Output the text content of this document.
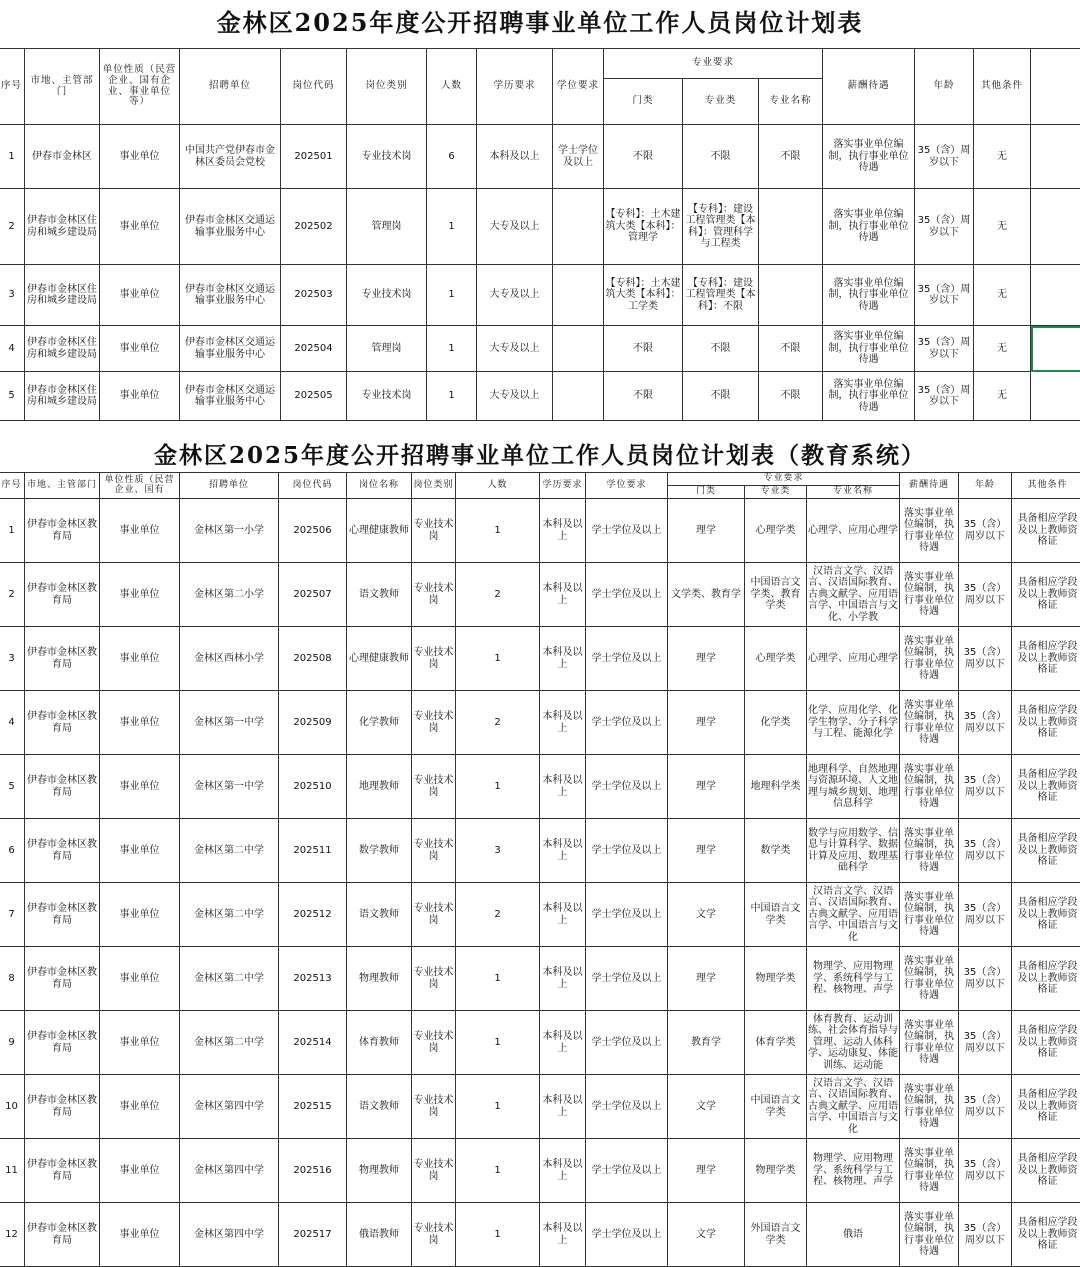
金林区2025年度公开招聘事业单位工作人员岗位计划表
序号	市地、主管部门	单位性质（民营企业、国有企业、事业单位等）	招聘单位	岗位代码	岗位类别	人数	学历要求	学位要求	专业要求			薪酬待遇	年龄	其他条件	
									门类	专业类	专业名称				
1	伊春市金林区	事业单位	中国共产党伊春市金林区委员会党校	202501	专业技术岗	6	本科及以上	学士学位及以上	不限	不限	不限	落实事业单位编制，执行事业单位待遇	35（含）周岁以下	无	
2	伊春市金林区住房和城乡建设局	事业单位	伊春市金林区交通运输事业服务中心	202502	管理岗	1	大专及以上		【专科】：土木建筑大类【本科】：管理学	【专科】：建设工程管理类【本科】：管理科学与工程类		落实事业单位编制，执行事业单位待遇	35（含）周岁以下	无	
3	伊春市金林区住房和城乡建设局	事业单位	伊春市金林区交通运输事业服务中心	202503	专业技术岗	1	大专及以上		【专科】：土木建筑大类【本科】：工学类	【专科】：建设工程管理类【本科】：不限		落实事业单位编制，执行事业单位待遇	35（含）周岁以下	无	
4	伊春市金林区住房和城乡建设局	事业单位	伊春市金林区交通运输事业服务中心	202504	管理岗	1	大专及以上		不限	不限	不限	落实事业单位编制，执行事业单位待遇	35（含）周岁以下	无	
5	伊春市金林区住房和城乡建设局	事业单位	伊春市金林区交通运输事业服务中心	202505	专业技术岗	1	大专及以上		不限	不限	不限	落实事业单位编制，执行事业单位待遇	35（含）周岁以下	无	
金林区2025年度公开招聘事业单位工作人员岗位计划表（教育系统）
序号	市地、主管部门	单位性质（民营企业、国有	招聘单位	岗位代码	岗位名称	岗位类别	人数	学历要求	学位要求	专业要求			薪酬待遇	年龄	其他条件
										门类	专业类	专业名称			
1	伊春市金林区教育局	事业单位	金林区第一小学	202506	心理健康教师	专业技术岗	1	本科及以上	学士学位及以上	理学	心理学类	心理学、应用心理学	落实事业单位编制，执行事业单位待遇	35（含）周岁以下	具备相应学段及以上教师资格证
2	伊春市金林区教育局	事业单位	金林区第二小学	202507	语文教师	专业技术岗	2	本科及以上	学士学位及以上	文学类、教育学	中国语言文学类、教育学类	汉语言文学、汉语言、汉语国际教育、古典文献学、应用语言学、中国语言与文化、小学教	落实事业单位编制，执行事业单位待遇	35（含）周岁以下	具备相应学段及以上教师资格证
3	伊春市金林区教育局	事业单位	金林区西林小学	202508	心理健康教师	专业技术岗	1	本科及以上	学士学位及以上	理学	心理学类	心理学、应用心理学	落实事业单位编制，执行事业单位待遇	35（含）周岁以下	具备相应学段及以上教师资格证
4	伊春市金林区教育局	事业单位	金林区第一中学	202509	化学教师	专业技术岗	2	本科及以上	学士学位及以上	理学	化学类	化学、应用化学、化学生物学、分子科学与工程、能源化学	落实事业单位编制，执行事业单位待遇	35（含）周岁以下	具备相应学段及以上教师资格证
5	伊春市金林区教育局	事业单位	金林区第一中学	202510	地理教师	专业技术岗	1	本科及以上	学士学位及以上	理学	地理科学类	地理科学、自然地理与资源环境、人文地理与城乡规划、地理信息科学	落实事业单位编制，执行事业单位待遇	35（含）周岁以下	具备相应学段及以上教师资格证
6	伊春市金林区教育局	事业单位	金林区第二中学	202511	数学教师	专业技术岗	3	本科及以上	学士学位及以上	理学	数学类	数学与应用数学、信息与计算科学、数据计算及应用、数理基础科学	落实事业单位编制，执行事业单位待遇	35（含）周岁以下	具备相应学段及以上教师资格证
7	伊春市金林区教育局	事业单位	金林区第二中学	202512	语文教师	专业技术岗	2	本科及以上	学士学位及以上	文学	中国语言文学类	汉语言文学、汉语言、汉语国际教育、古典文献学、应用语言学、中国语言与文化	落实事业单位编制，执行事业单位待遇	35（含）周岁以下	具备相应学段及以上教师资格证
8	伊春市金林区教育局	事业单位	金林区第二中学	202513	物理教师	专业技术岗	1	本科及以上	学士学位及以上	理学	物理学类	物理学、应用物理学、系统科学与工程、核物理、声学	落实事业单位编制，执行事业单位待遇	35（含）周岁以下	具备相应学段及以上教师资格证
9	伊春市金林区教育局	事业单位	金林区第二中学	202514	体育教师	专业技术岗	1	本科及以上	学士学位及以上	教育学	体育学类	体育教育、运动训练、社会体育指导与管理、运动人体科学、运动康复、体能训练、运动能	落实事业单位编制，执行事业单位待遇	35（含）周岁以下	具备相应学段及以上教师资格证
10	伊春市金林区教育局	事业单位	金林区第四中学	202515	语文教师	专业技术岗	1	本科及以上	学士学位及以上	文学	中国语言文学类	汉语言文学、汉语言、汉语国际教育、古典文献学、应用语言学、中国语言与文化	落实事业单位编制，执行事业单位待遇	35（含）周岁以下	具备相应学段及以上教师资格证
11	伊春市金林区教育局	事业单位	金林区第四中学	202516	物理教师	专业技术岗	1	本科及以上	学士学位及以上	理学	物理学类	物理学、应用物理学、系统科学与工程、核物理、声学	落实事业单位编制，执行事业单位待遇	35（含）周岁以下	具备相应学段及以上教师资格证
12	伊春市金林区教育局	事业单位	金林区第四中学	202517	俄语教师	专业技术岗	1	本科及以上	学士学位及以上	文学	外国语言文学类	俄语	落实事业单位编制，执行事业单位待遇	35（含）周岁以下	具备相应学段及以上教师资格证
